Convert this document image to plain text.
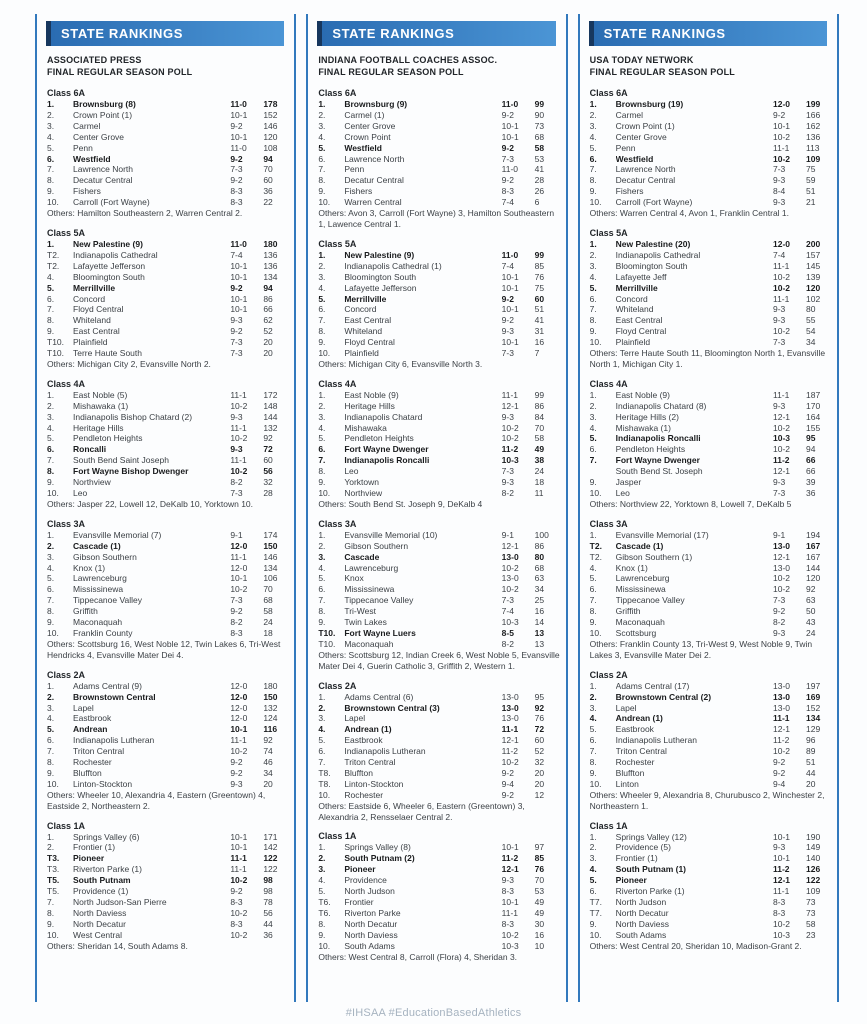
STATE RANKINGS
ASSOCIATED PRESS
FINAL REGULAR SEASON POLL
Class 6A
1.	Brownsburg (8)	11-0	178
2.	Crown Point (1)	10-1	152
3.	Carmel	9-2	146
4.	Center Grove	10-1	120
5.	Penn	11-0	108
6.	Westfield	9-2	94
7.	Lawrence North	7-3	70
8.	Decatur Central	9-2	60
9.	Fishers	8-3	36
10.	Carroll (Fort Wayne)	8-3	22
Others: Hamilton Southeastern 2, Warren Central 2.
Class 5A
1.	New Palestine (9)	11-0	180
T2.	Indianapolis Cathedral	7-4	136
T2.	Lafayette Jefferson	10-1	136
4.	Bloomington South	10-1	134
5.	Merrillville	9-2	94
6.	Concord	10-1	86
7.	Floyd Central	10-1	66
8.	Whiteland	9-3	62
9.	East Central	9-2	52
T10.	Plainfield	7-3	20
T10.	Terre Haute South	7-3	20
Others: Michigan City 2, Evansville North 2.
Class 4A
1.	East Noble (5)	11-1	172
2.	Mishawaka (1)	10-2	148
3.	Indianapolis Bishop Chatard (2)	9-3	144
4.	Heritage Hills	11-1	132
5.	Pendleton Heights	10-2	92
6.	Roncalli	9-3	72
7.	South Bend Saint Joseph	11-1	60
8.	Fort Wayne Bishop Dwenger	10-2	56
9.	Northview	8-2	32
10.	Leo	7-3	28
Others: Jasper 22, Lowell 12, DeKalb 10, Yorktown 10.
Class 3A
1.	Evansville Memorial (7)	9-1	174
2.	Cascade (1)	12-0	150
3.	Gibson Southern	11-1	146
4.	Knox (1)	12-0	134
5.	Lawrenceburg	10-1	106
6.	Mississinewa	10-2	70
7.	Tippecanoe Valley	7-3	68
8.	Griffith	9-2	58
9.	Maconaquah	8-2	24
10.	Franklin County	8-3	18
Others: Scottsburg 16, West Noble 12, Twin Lakes 6, Tri-West Hendricks 4, Evansville Mater Dei 4.
Class 2A
1.	Adams Central (9)	12-0	180
2.	Brownstown Central	12-0	150
3.	Lapel	12-0	132
4.	Eastbrook	12-0	124
5.	Andrean	10-1	116
6.	Indianapolis Lutheran	11-1	92
7.	Triton Central	10-2	74
8.	Rochester	9-2	46
9.	Bluffton	9-2	34
10.	Linton-Stockton	9-3	20
Others: Wheeler 10, Alexandria 4, Eastern (Greentown) 4, Eastside 2, Northeastern 2.
Class 1A
1.	Springs Valley (6)	10-1	171
2.	Frontier (1)	10-1	142
T3.	Pioneer	11-1	122
T3.	Riverton Parke (1)	11-1	122
T5.	South Putnam	10-2	98
T5.	Providence (1)	9-2	98
7.	North Judson-San Pierre	8-3	78
8.	North Daviess	10-2	56
9.	North Decatur	8-3	44
10.	West Central	10-2	36
Others: Sheridan 14, South Adams 8.
STATE RANKINGS
INDIANA FOOTBALL COACHES ASSOC.
FINAL REGULAR SEASON POLL
Class 6A
1.	Brownsburg (9)	11-0	99
2.	Carmel (1)	9-2	90
3.	Center Grove	10-1	73
4.	Crown Point	10-1	68
5.	Westfield	9-2	58
6.	Lawrence North	7-3	53
7.	Penn	11-0	41
8.	Decatur Central	9-2	28
9.	Fishers	8-3	26
10.	Warren Central	7-4	6
Others: Avon 3, Carroll (Fort Wayne) 3, Hamilton Southeastern 1, Lawence Central 1.
Class 5A
1.	New Palestine (9)	11-0	99
2.	Indianapolis Cathedral (1)	7-4	85
3.	Bloomington South	10-1	76
4.	Lafayette Jefferson	10-1	75
5.	Merrillville	9-2	60
6.	Concord	10-1	51
7.	East Central	9-2	41
8.	Whiteland	9-3	31
9.	Floyd Central	10-1	16
10.	Plainfield	7-3	7
Others: Michigan City 6, Evansville North 3.
Class 4A
1.	East Noble (9)	11-1	99
2.	Heritage Hills	12-1	86
3.	Indianapolis Chatard	9-3	84
4.	Mishawaka	10-2	70
5.	Pendleton Heights	10-2	58
6.	Fort Wayne Dwenger	11-2	49
7.	Indianapolis Roncalli	10-3	38
8.	Leo	7-3	24
9.	Yorktown	9-3	18
10.	Northview	8-2	11
Others: South Bend St. Joseph 9, DeKalb 4
Class 3A
1.	Evansville Memorial (10)	9-1	100
2.	Gibson Southern	12-1	86
3.	Cascade	13-0	80
4.	Lawrenceburg	10-2	68
5.	Knox	13-0	63
6.	Mississinewa	10-2	34
7.	Tippecanoe Valley	7-3	25
8.	Tri-West	7-4	16
9.	Twin Lakes	10-3	14
T10.	Fort Wayne Luers	8-5	13
T10.	Maconaquah	8-2	13
Others: Scottsburg 12, Indian Creek 6, West Noble 5, Evansville Mater Dei 4, Guerin Catholic 3, Griffith 2, Western 1.
Class 2A
1.	Adams Central (6)	13-0	95
2.	Brownstown Central (3)	13-0	92
3.	Lapel	13-0	76
4.	Andrean (1)	11-1	72
5.	Eastbrook	12-1	60
6.	Indianapolis Lutheran	11-2	52
7.	Triton Central	10-2	32
T8.	Bluffton	9-2	20
T8.	Linton-Stockton	9-4	20
10.	Rochester	9-2	12
Others: Eastside 6, Wheeler 6, Eastern (Greentown) 3, Alexandria 2, Rensselaer Central 2.
Class 1A
1.	Springs Valley (8)	10-1	97
2.	South Putnam (2)	11-2	85
3.	Pioneer	12-1	76
4.	Providence	9-3	70
5.	North Judson	8-3	53
T6.	Frontier	10-1	49
T6.	Riverton Parke	11-1	49
8.	North Decatur	8-3	30
9.	North Daviess	10-2	16
10.	South Adams	10-3	10
Others: West Central 8, Carroll (Flora) 4, Sheridan 3.
STATE RANKINGS
USA TODAY NETWORK
FINAL REGULAR SEASON POLL
Class 6A
1.	Brownsburg (19)	12-0	199
2.	Carmel	9-2	166
3.	Crown Point (1)	10-1	162
4.	Center Grove	10-2	136
5.	Penn	11-1	113
6.	Westfield	10-2	109
7.	Lawrence North	7-3	75
8.	Decatur Central	9-3	59
9.	Fishers	8-4	51
10.	Carroll (Fort Wayne)	9-3	21
Others: Warren Central 4, Avon 1, Franklin Central 1.
Class 5A
1.	New Palestine (20)	12-0	200
2.	Indianapolis Cathedral	7-4	157
3.	Bloomington South	11-1	145
4.	Lafayette Jeff	10-2	139
5.	Merrillville	10-2	120
6.	Concord	11-1	102
7.	Whiteland	9-3	80
8.	East Central	9-3	55
9.	Floyd Central	10-2	54
10.	Plainfield	7-3	34
Others: Terre Haute South 11, Bloomington North 1, Evansville North 1, Michigan City 1.
Class 4A
1.	East Noble (9)	11-1	187
2.	Indianapolis Chatard (8)	9-3	170
3.	Heritage Hills (2)	12-1	164
4.	Mishawaka (1)	10-2	155
5.	Indianapolis Roncalli	10-3	95
6.	Pendleton Heights	10-2	94
7.	Fort Wayne Dwenger	11-2	66
South Bend St. Joseph	12-1	66
9.	Jasper	9-3	39
10.	Leo	7-3	36
Others: Northview 22, Yorktown 8, Lowell 7, DeKalb 5
Class 3A
1.	Evansville Memorial (17)	9-1	194
T2.	Cascade (1)	13-0	167
T2.	Gibson Southern (1)	12-1	167
4.	Knox (1)	13-0	144
5.	Lawrenceburg	10-2	120
6.	Mississinewa	10-2	92
7.	Tippecanoe Valley	7-3	63
8.	Griffith	9-2	50
9.	Maconaquah	8-2	43
10.	Scottsburg	9-3	24
Others: Franklin County 13, Tri-West 9, West Noble 9, Twin Lakes 3, Evansville Mater Dei 2.
Class 2A
1.	Adams Central (17)	13-0	197
2.	Brownstown Central (2)	13-0	169
3.	Lapel	13-0	152
4.	Andrean (1)	11-1	134
5.	Eastbrook	12-1	129
6.	Indianapolis Lutheran	11-2	96
7.	Triton Central	10-2	89
8.	Rochester	9-2	51
9.	Bluffton	9-2	44
10.	Linton	9-4	20
Others: Wheeler 9, Alexandria 8, Churubusco 2, Winchester 2, Northeastern 1.
Class 1A
1.	Springs Valley (12)	10-1	190
2.	Providence (5)	9-3	149
3.	Frontier (1)	10-1	140
4.	South Putnam (1)	11-2	126
5.	Pioneer	12-1	122
6.	Riverton Parke (1)	11-1	109
T7.	North Judson	8-3	73
T7.	North Decatur	8-3	73
9.	North Daviess	10-2	58
10.	South Adams	10-3	23
Others: West Central 20, Sheridan 10, Madison-Grant 2.
#IHSAA #EducationBasedAthletics
